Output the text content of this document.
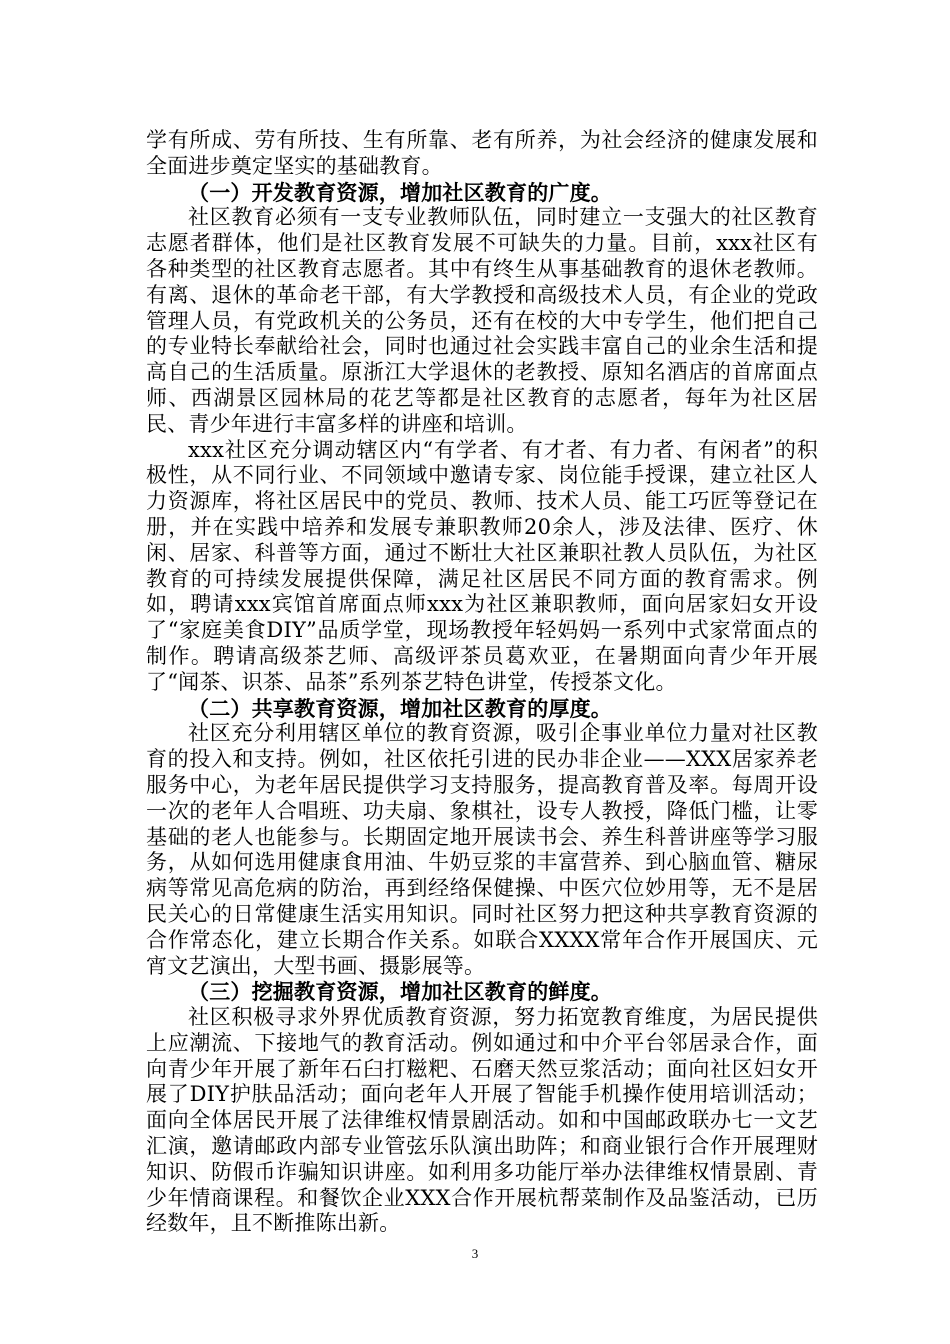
学有所成、劳有所技、生有所靠、老有所养，为社会经济的健康发展和全面进步奠定坚实的基础教育。

（一）开发教育资源，增加社区教育的广度。

社区教育必须有一支专业教师队伍，同时建立一支强大的社区教育志愿者群体，他们是社区教育发展不可缺失的力量。目前，xxx社区有各种类型的社区教育志愿者。其中有终生从事基础教育的退休老教师。有离、退休的革命老干部，有大学教授和高级技术人员，有企业的党政管理人员，有党政机关的公务员，还有在校的大中专学生，他们把自己的专业特长奉献给社会，同时也通过社会实践丰富自己的业余生活和提高自己的生活质量。原浙江大学退休的老教授、原知名酒店的首席面点师、西湖景区园林局的花艺等都是社区教育的志愿者，每年为社区居民、青少年进行丰富多样的讲座和培训。

xxx社区充分调动辖区内“有学者、有才者、有力者、有闲者”的积极性，从不同行业、不同领域中邀请专家、岗位能手授课，建立社区人力资源库，将社区居民中的党员、教师、技术人员、能工巧匠等登记在册，并在实践中培养和发展专兼职教师20余人，涉及法律、医疗、休闲、居家、科普等方面，通过不断壮大社区兼职社教人员队伍，为社区教育的可持续发展提供保障，满足社区居民不同方面的教育需求。例如，聘请xxx宾馆首席面点师xxx为社区兼职教师，面向居家妇女开设了“家庭美食DIY”品质学堂，现场教授年轻妈妈一系列中式家常面点的制作。聘请高级茶艺师、高级评茶员葛欢亚，在暑期面向青少年开展了“闻茶、识茶、品茶”系列茶艺特色讲堂，传授茶文化。

（二）共享教育资源，增加社区教育的厚度。

社区充分利用辖区单位的教育资源，吸引企事业单位力量对社区教育的投入和支持。例如，社区依托引进的民办非企业——XXX居家养老服务中心，为老年居民提供学习支持服务，提高教育普及率。每周开设一次的老年人合唱班、功夫扇、象棋社，设专人教授，降低门槛，让零基础的老人也能参与。长期固定地开展读书会、养生科普讲座等学习服务，从如何选用健康食用油、牛奶豆浆的丰富营养、到心脑血管、糖尿病等常见高危病的防治，再到经络保健操、中医穴位妙用等，无不是居民关心的日常健康生活实用知识。同时社区努力把这种共享教育资源的合作常态化，建立长期合作关系。如联合XXXX常年合作开展国庆、元宵文艺演出，大型书画、摄影展等。

（三）挖掘教育资源，增加社区教育的鲜度。

社区积极寻求外界优质教育资源，努力拓宽教育维度，为居民提供上应潮流、下接地气的教育活动。例如通过和中介平台邻居录合作，面向青少年开展了新年石臼打糍粑、石磨天然豆浆活动；面向社区妇女开展了DIY护肤品活动；面向老年人开展了智能手机操作使用培训活动；面向全体居民开展了法律维权情景剧活动。如和中国邮政联办七一文艺汇演，邀请邮政内部专业管弦乐队演出助阵；和商业银行合作开展理财知识、防假币诈骗知识讲座。如利用多功能厅举办法律维权情景剧、青少年情商课程。和餐饮企业XXX合作开展杭帮菜制作及品鉴活动，已历经数年，且不断推陈出新。

3
